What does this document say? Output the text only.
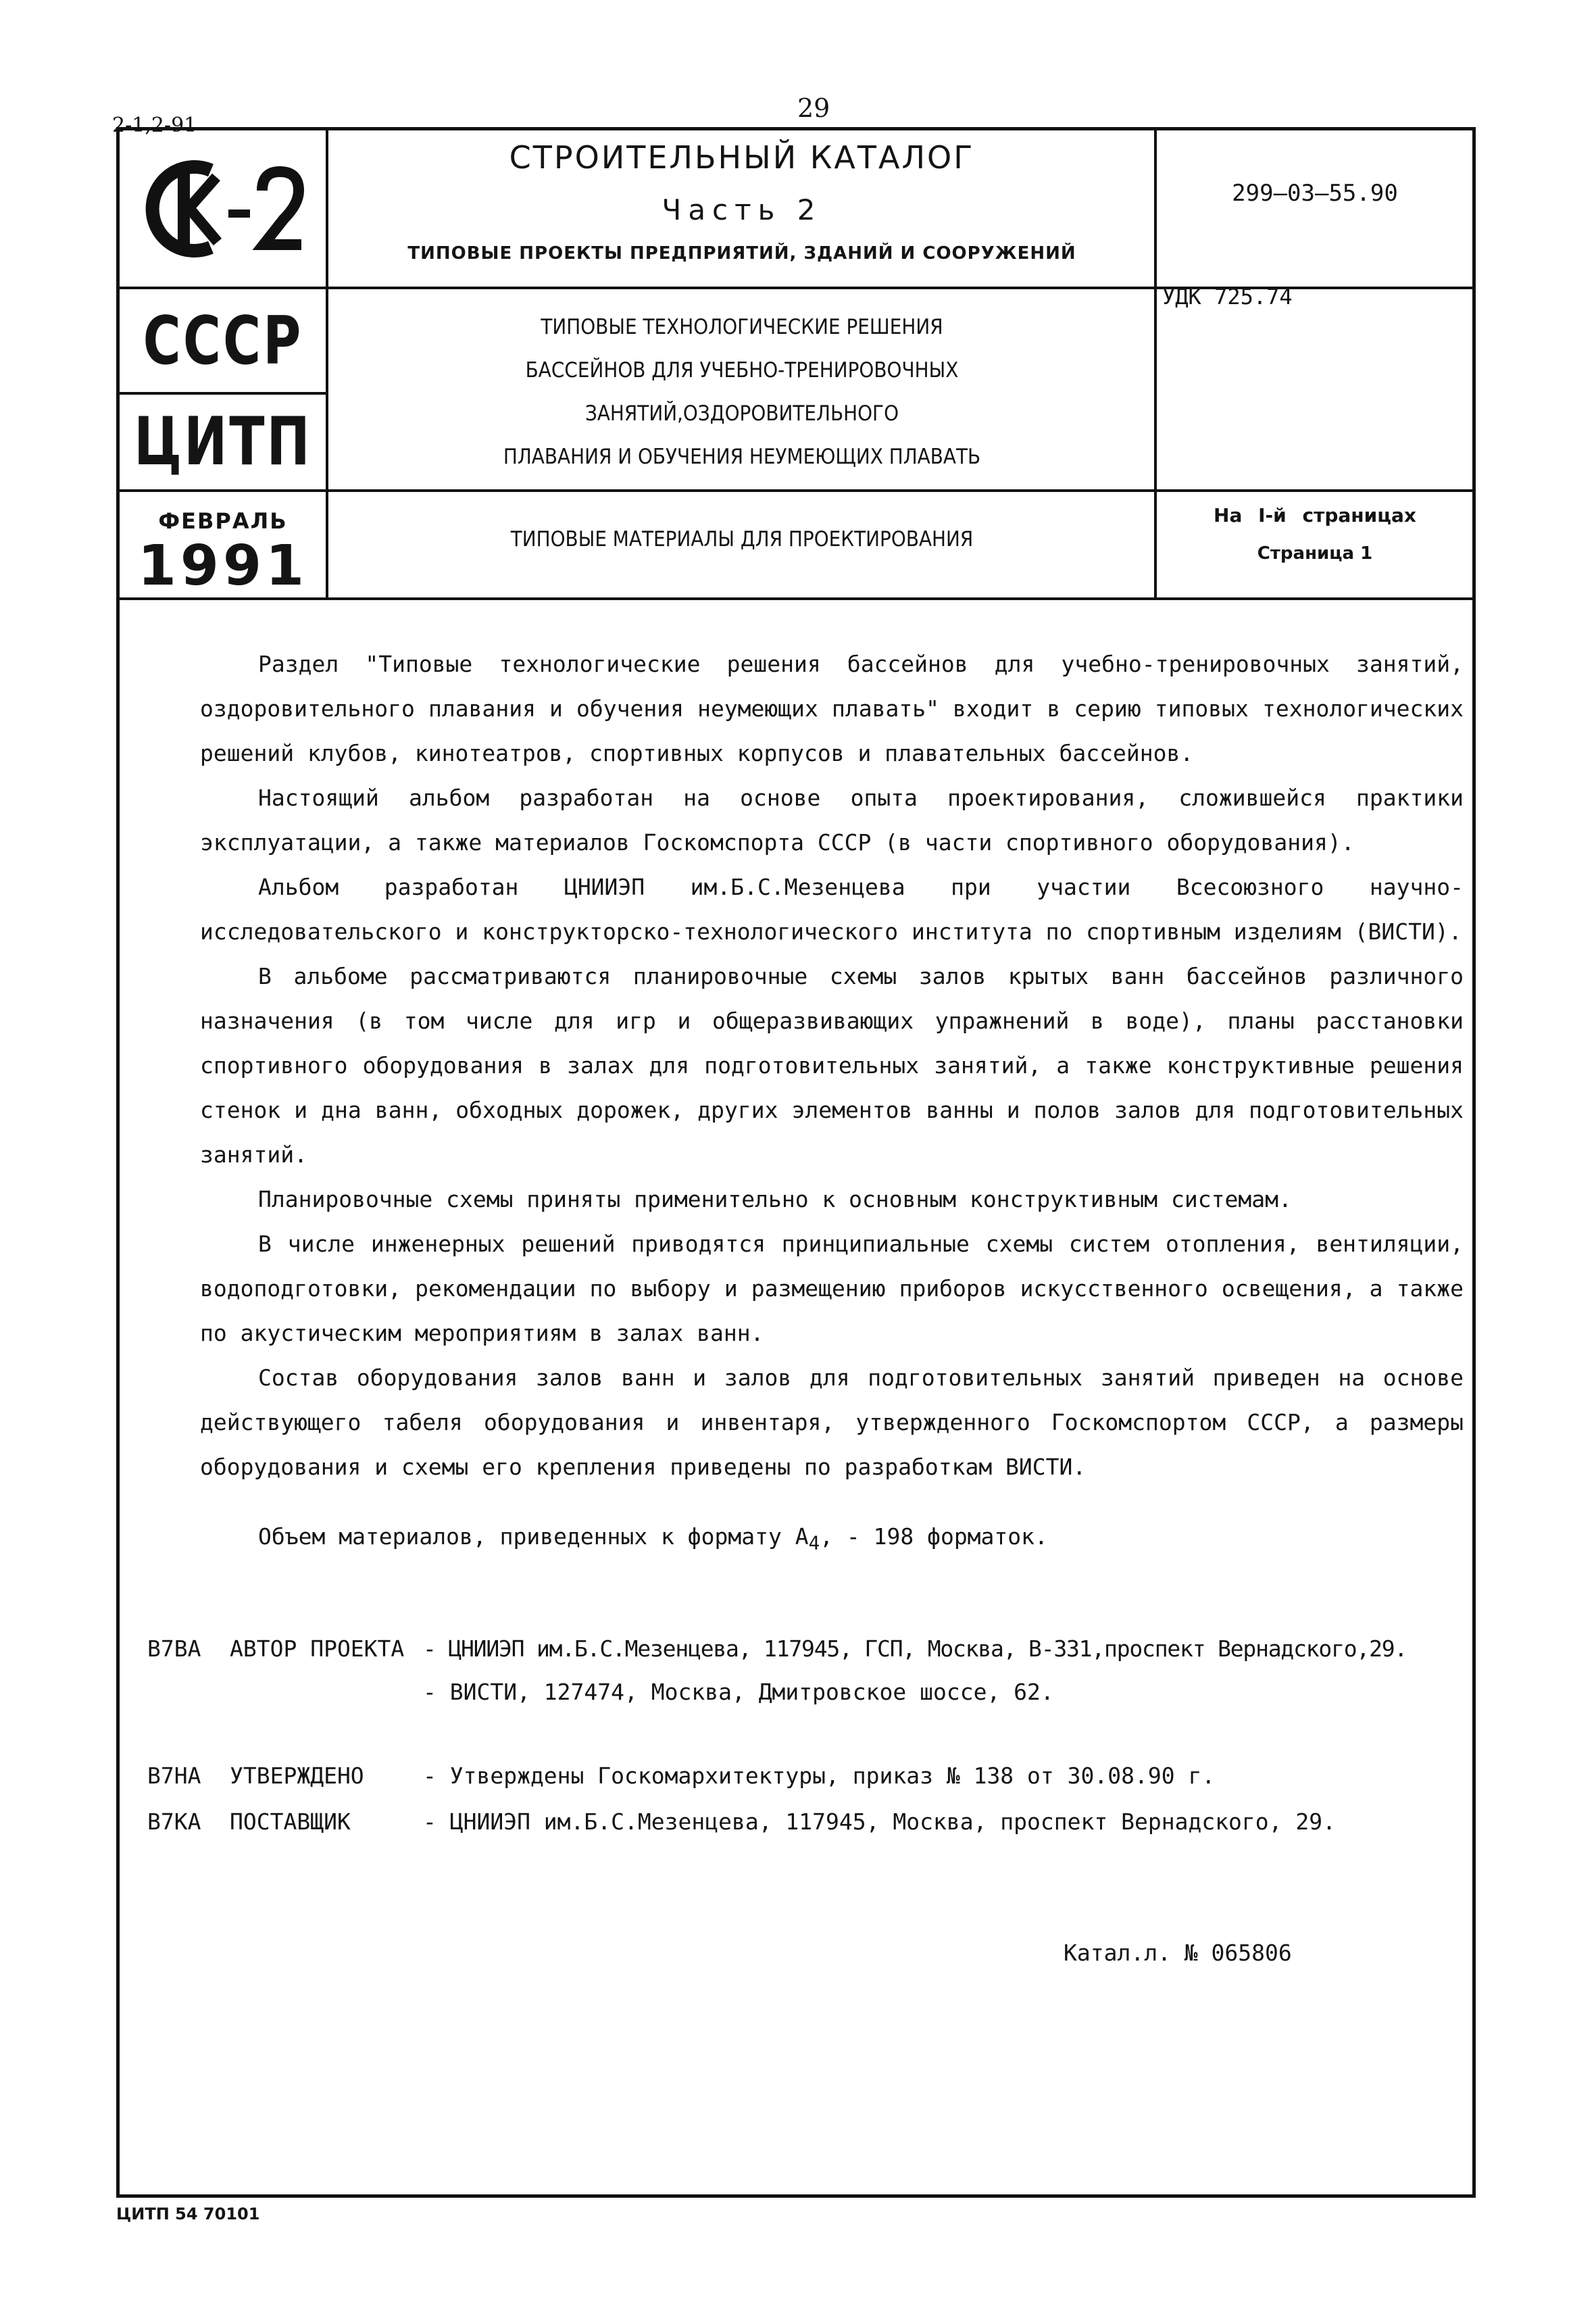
2-1,2-91
29
СССР
ЦИТП
ФЕВРАЛЬ
1991
СТРОИТЕЛЬНЫЙ КАТАЛОГ
Часть 2
ТИПОВЫЕ ПРОЕКТЫ ПРЕДПРИЯТИЙ, ЗДАНИЙ И СООРУЖЕНИЙ
ТИПОВЫЕ ТЕХНОЛОГИЧЕСКИЕ РЕШЕНИЯ
БАССЕЙНОВ ДЛЯ УЧЕБНО-ТРЕНИРОВОЧНЫХ ЗАНЯТИЙ,ОЗДОРОВИТЕЛЬНОГО
ПЛАВАНИЯ И ОБУЧЕНИЯ НЕУМЕЮЩИХ ПЛАВАТЬ
ТИПОВЫЕ МАТЕРИАЛЫ ДЛЯ ПРОЕКТИРОВАНИЯ
299—03—55.90
УДК 725.74
На I-й страницах
Страница 1

Раздел "Типовые технологические решения бассейнов для учебно-тренировочных занятий, оздоровительного плавания и обучения неумеющих плавать" входит в серию типовых технологических решений клубов, кинотеатров, спортивных корпусов и плавательных бассейнов.

Настоящий альбом разработан на основе опыта проектирования, сложившейся практики эксплуатации, а также материалов Госкомспорта СССР (в части спортивного оборудования).

Альбом разработан ЦНИИЭП им.Б.С.Мезенцева при участии Всесоюзного научно-исследовательского и конструкторско-технологического института по спортивным изделиям (ВИСТИ).

В альбоме рассматриваются планировочные схемы залов крытых ванн бассейнов различного назначения (в том числе для игр и общеразвивающих упражнений в воде), планы расстановки спортивного оборудования в залах для подготовительных занятий, а также конструктивные решения стенок и дна ванн, обходных дорожек, других элементов ванны и полов залов для подготовительных занятий.

Планировочные схемы приняты применительно к основным конструктивным системам.

В числе инженерных решений приводятся принципиальные схемы систем отопления, вентиляции, водоподготовки, рекомендации по выбору и размещению приборов искусственного освещения, а также по акустическим мероприятиям в залах ванн.

Состав оборудования залов ванн и залов для подготовительных занятий приведен на основе действующего табеля оборудования и инвентаря, утвержденного Госкомспортом СССР, а размеры оборудования и схемы его крепления приведены по разработкам ВИСТИ.

Объем материалов, приведенных к формату $А_4$, - 198 форматок.
В7ВА АВТОР ПРОЕКТА - ЦНИИЭП им.Б.С.Мезенцева, 117945, ГСП, Москва, В-331,проспект Вернадского,29.
- ВИСТИ, 127474, Москва, Дмитровское шоссе, 62.
В7НА УТВЕРЖДЕНО	- Утверждены Госкомархитектуры, приказ № 138 от 30.08.90 г.
В7КА ПОСТАВЩИК	- ЦНИИЭП им.Б.С.Мезенцева, 117945, Москва, проспект Вернадского, 29.
Катал.л. № 065806
ЦИТП 54 70101
